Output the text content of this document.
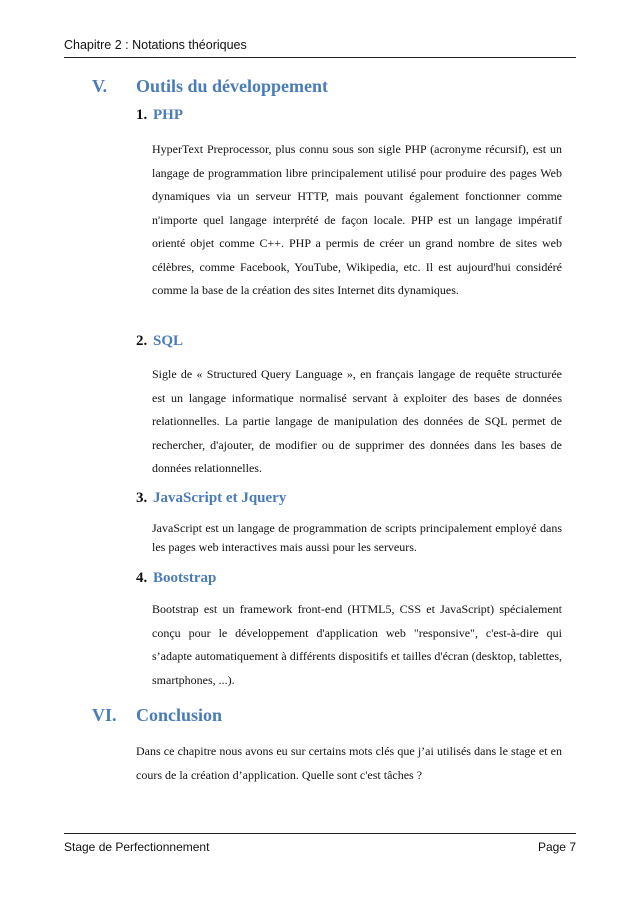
Chapitre 2 : Notations théoriques
V. Outils du développement
1. PHP
HyperText Preprocessor, plus connu sous son sigle PHP (acronyme récursif), est un langage de programmation libre principalement utilisé pour produire des pages Web dynamiques via un serveur HTTP, mais pouvant également fonctionner comme n'importe quel langage interprété de façon locale. PHP est un langage impératif orienté objet comme C++. PHP a permis de créer un grand nombre de sites web célèbres, comme Facebook, YouTube, Wikipedia, etc. Il est aujourd'hui considéré comme la base de la création des sites Internet dits dynamiques.
2. SQL
Sigle de « Structured Query Language », en français langage de requête structurée est un langage informatique normalisé servant à exploiter des bases de données relationnelles. La partie langage de manipulation des données de SQL permet de rechercher, d'ajouter, de modifier ou de supprimer des données dans les bases de données relationnelles.
3. JavaScript et Jquery
JavaScript est un langage de programmation de scripts principalement employé dans les pages web interactives mais aussi pour les serveurs.
4. Bootstrap
Bootstrap est un framework front-end (HTML5, CSS et JavaScript) spécialement conçu pour le développement d'application web "responsive", c'est-à-dire qui s’adapte automatiquement à différents dispositifs et tailles d'écran (desktop, tablettes, smartphones, ...).
VI. Conclusion
Dans ce chapitre nous avons eu sur certains mots clés que j’ai utilisés dans le stage et en cours de la création d’application. Quelle sont c'est tâches ?
Stage de Perfectionnement	Page 7
